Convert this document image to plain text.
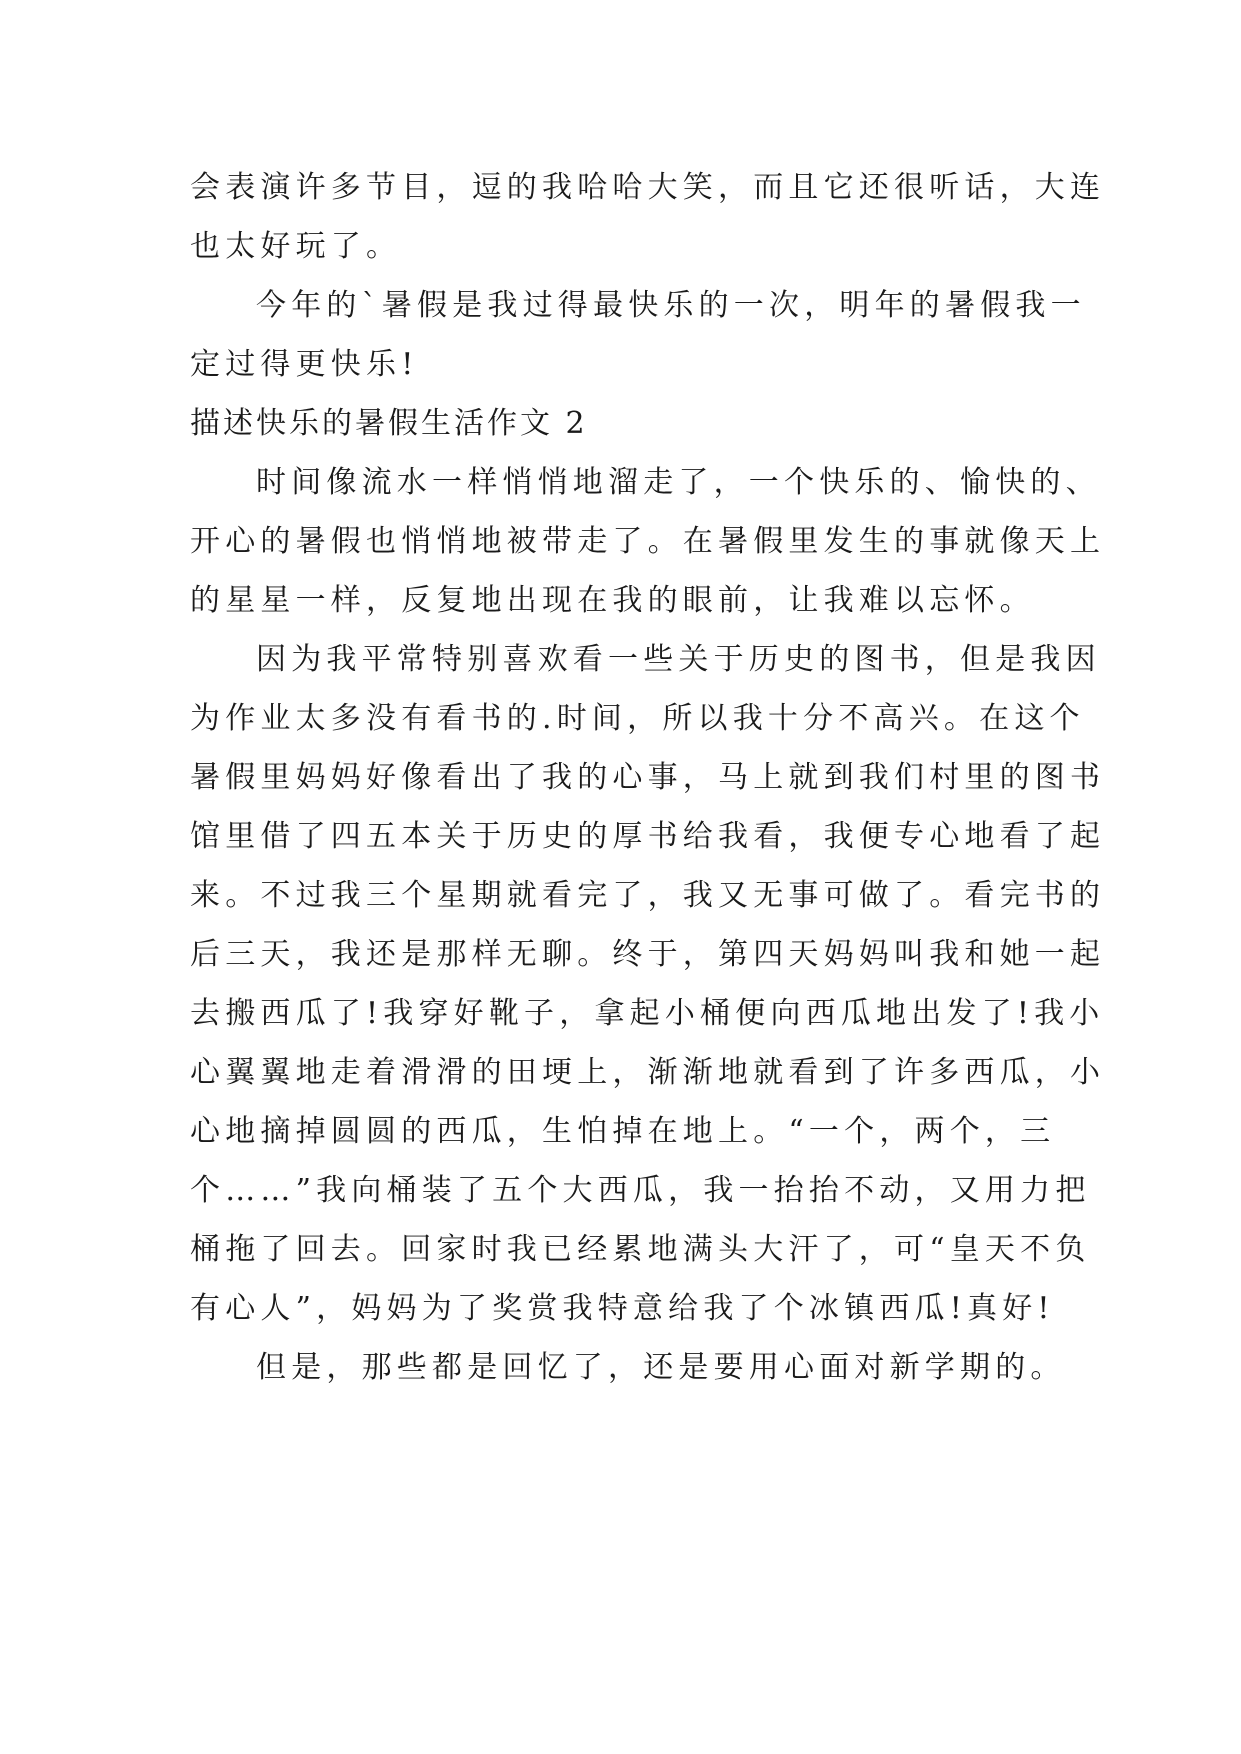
会表演许多节目，逗的我哈哈大笑，而且它还很听话，大连
也太好玩了。
今年的`暑假是我过得最快乐的一次，明年的暑假我一
定过得更快乐!
描述快乐的暑假生活作文 2
时间像流水一样悄悄地溜走了，一个快乐的、愉快的、
开心的暑假也悄悄地被带走了。在暑假里发生的事就像天上
的星星一样，反复地出现在我的眼前，让我难以忘怀。
因为我平常特别喜欢看一些关于历史的图书，但是我因
为作业太多没有看书的.时间，所以我十分不高兴。在这个
暑假里妈妈好像看出了我的心事，马上就到我们村里的图书
馆里借了四五本关于历史的厚书给我看，我便专心地看了起
来。不过我三个星期就看完了，我又无事可做了。看完书的
后三天，我还是那样无聊。终于，第四天妈妈叫我和她一起
去搬西瓜了!我穿好靴子，拿起小桶便向西瓜地出发了!我小
心翼翼地走着滑滑的田埂上，渐渐地就看到了许多西瓜，小
心地摘掉圆圆的西瓜，生怕掉在地上。“一个，两个，三
个……”我向桶装了五个大西瓜，我一抬抬不动，又用力把
桶拖了回去。回家时我已经累地满头大汗了，可“皇天不负
有心人”，妈妈为了奖赏我特意给我了个冰镇西瓜!真好!
但是，那些都是回忆了，还是要用心面对新学期的。
